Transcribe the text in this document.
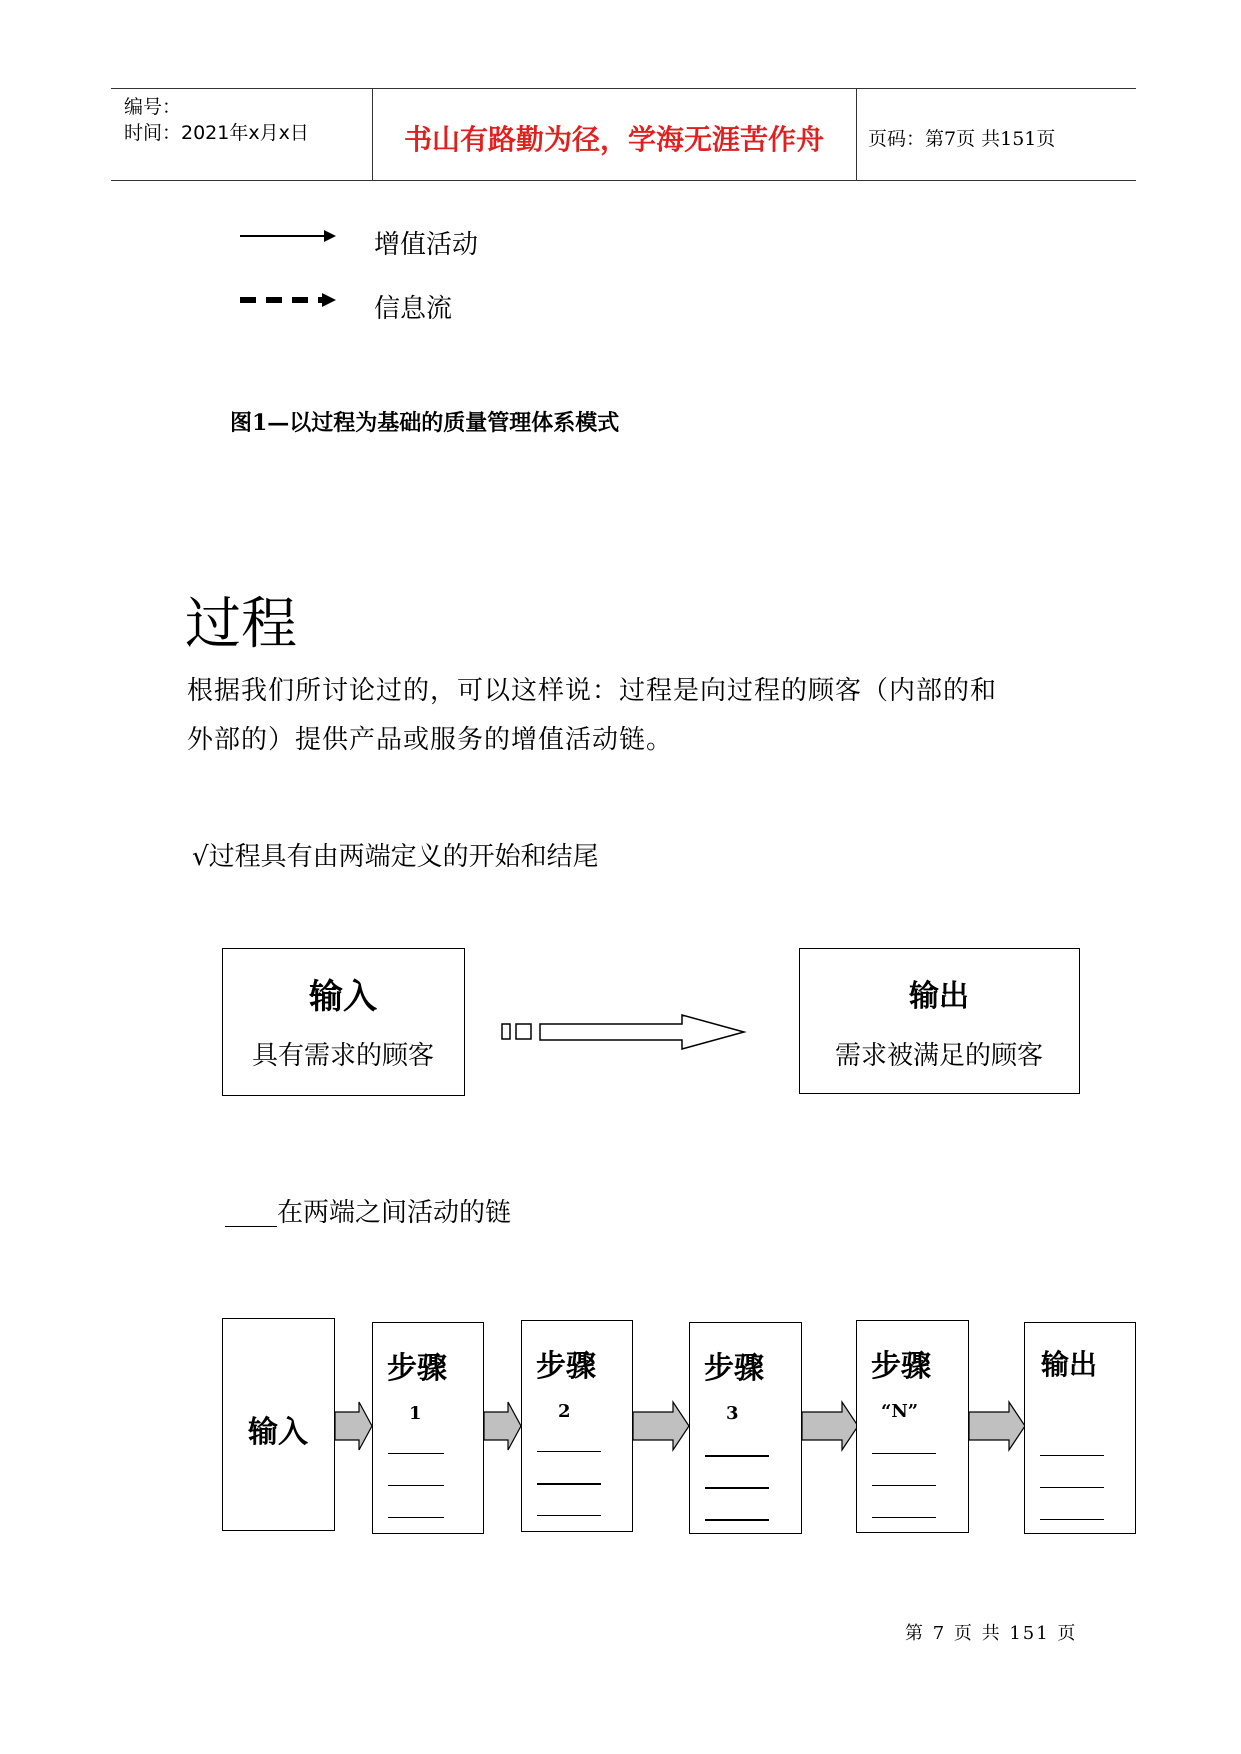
编号：
时间：2021年x月x日	书山有路勤为径，学海无涯苦作舟	页码：第7页 共151页
增值活动
信息流
图1—以过程为基础的质量管理体系模式
过程
根据我们所讨论过的，可以这样说：过程是向过程的顾客（内部的和
外部的）提供产品或服务的增值活动链。
√过程具有由两端定义的开始和结尾
输入
具有需求的顾客
输出
需求被满足的顾客
____在两端之间活动的链
输入
步骤
1
步骤
2
步骤
3
步骤
“N”
输出
第 7 页 共 151 页
